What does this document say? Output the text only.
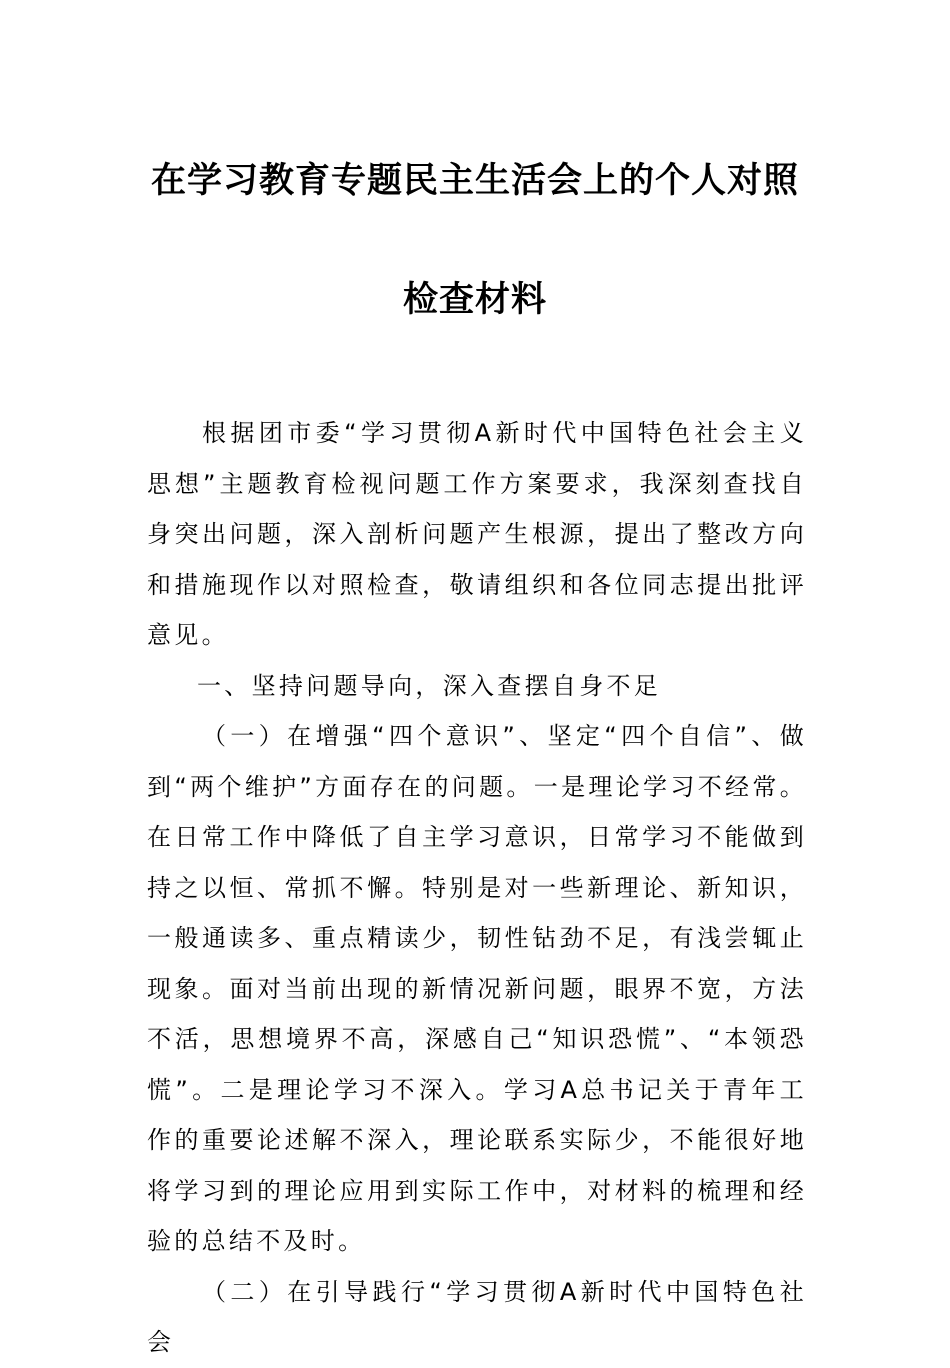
在学习教育专题民主生活会上的个人对照
检查材料

根据团市委“学习贯彻A新时代中国特色社会主义思想”主题教育检视问题工作方案要求，我深刻查找自身突出问题，深入剖析问题产生根源，提出了整改方向和措施现作以对照检查，敬请组织和各位同志提出批评意见。

一、坚持问题导向，深入查摆自身不足

（一）在增强“四个意识”、坚定“四个自信”、做到“两个维护”方面存在的问题。一是理论学习不经常。在日常工作中降低了自主学习意识，日常学习不能做到持之以恒、常抓不懈。特别是对一些新理论、新知识，一般通读多、重点精读少，韧性钻劲不足，有浅尝辄止现象。面对当前出现的新情况新问题，眼界不宽，方法不活，思想境界不高，深感自己“知识恐慌”、“本领恐慌”。二是理论学习不深入。学习A总书记关于青年工作的重要论述解不深入，理论联系实际少，不能很好地将学习到的理论应用到实际工作中，对材料的梳理和经验的总结不及时。

（二）在引导践行“学习贯彻A新时代中国特色社会
